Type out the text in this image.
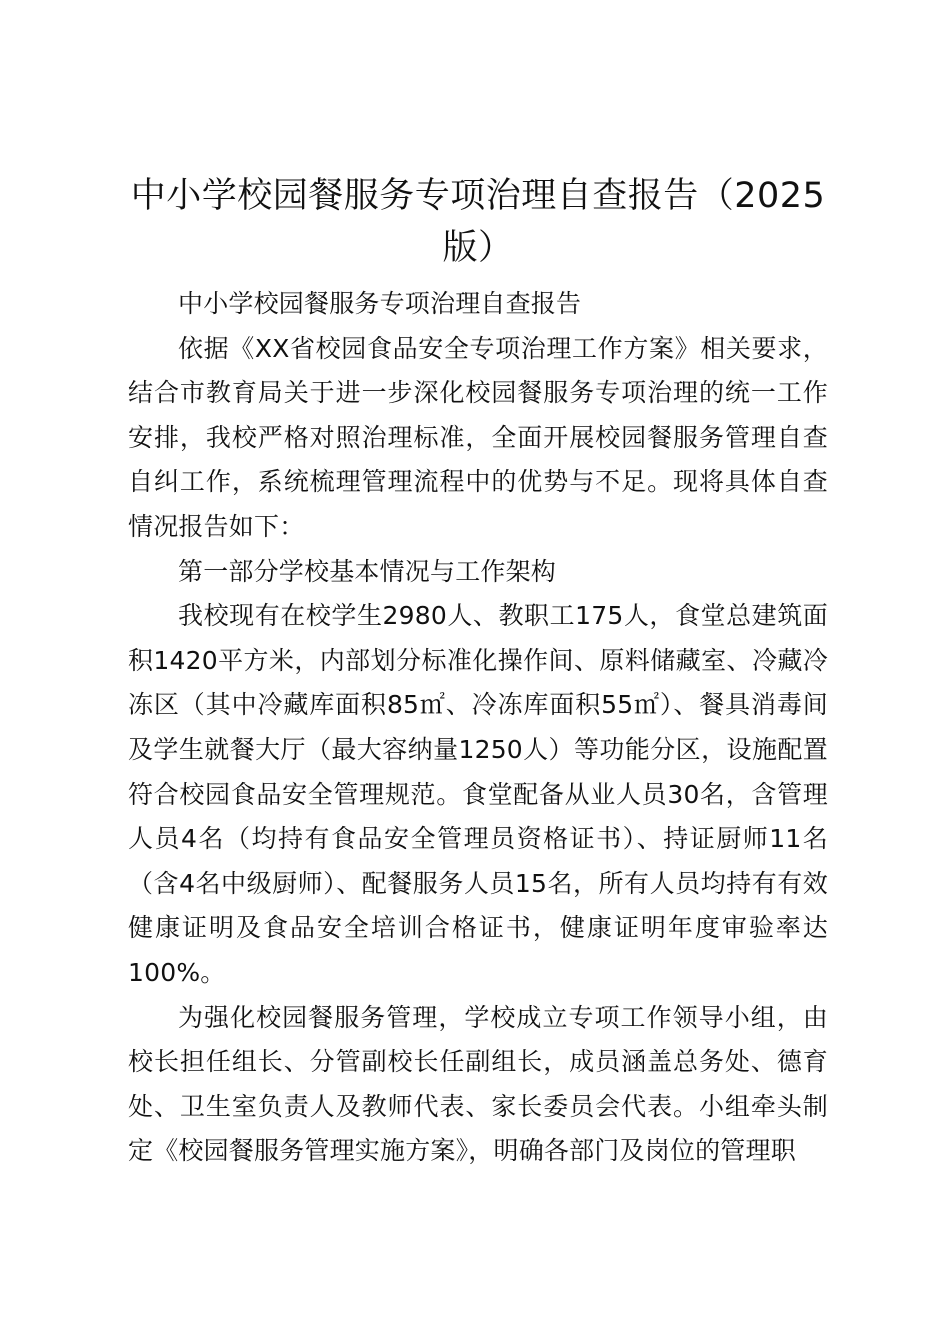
中小学校园餐服务专项治理自查报告（2025版）

中小学校园餐服务专项治理自查报告

依据《XX省校园食品安全专项治理工作方案》相关要求，结合市教育局关于进一步深化校园餐服务专项治理的统一工作安排，我校严格对照治理标准，全面开展校园餐服务管理自查自纠工作，系统梳理管理流程中的优势与不足。现将具体自查情况报告如下：

第一部分学校基本情况与工作架构

我校现有在校学生2980人、教职工175人，食堂总建筑面积1420平方米，内部划分标准化操作间、原料储藏室、冷藏冷冻区（其中冷藏库面积85㎡、冷冻库面积55㎡）、餐具消毒间及学生就餐大厅（最大容纳量1250人）等功能分区，设施配置符合校园食品安全管理规范。食堂配备从业人员30名，含管理人员4名（均持有食品安全管理员资格证书）、持证厨师11名（含4名中级厨师）、配餐服务人员15名，所有人员均持有有效健康证明及食品安全培训合格证书，健康证明年度审验率达100%。

为强化校园餐服务管理，学校成立专项工作领导小组，由校长担任组长、分管副校长任副组长，成员涵盖总务处、德育处、卫生室负责人及教师代表、家长委员会代表。小组牵头制定《校园餐服务管理实施方案》，明确各部门及岗位的管理职
